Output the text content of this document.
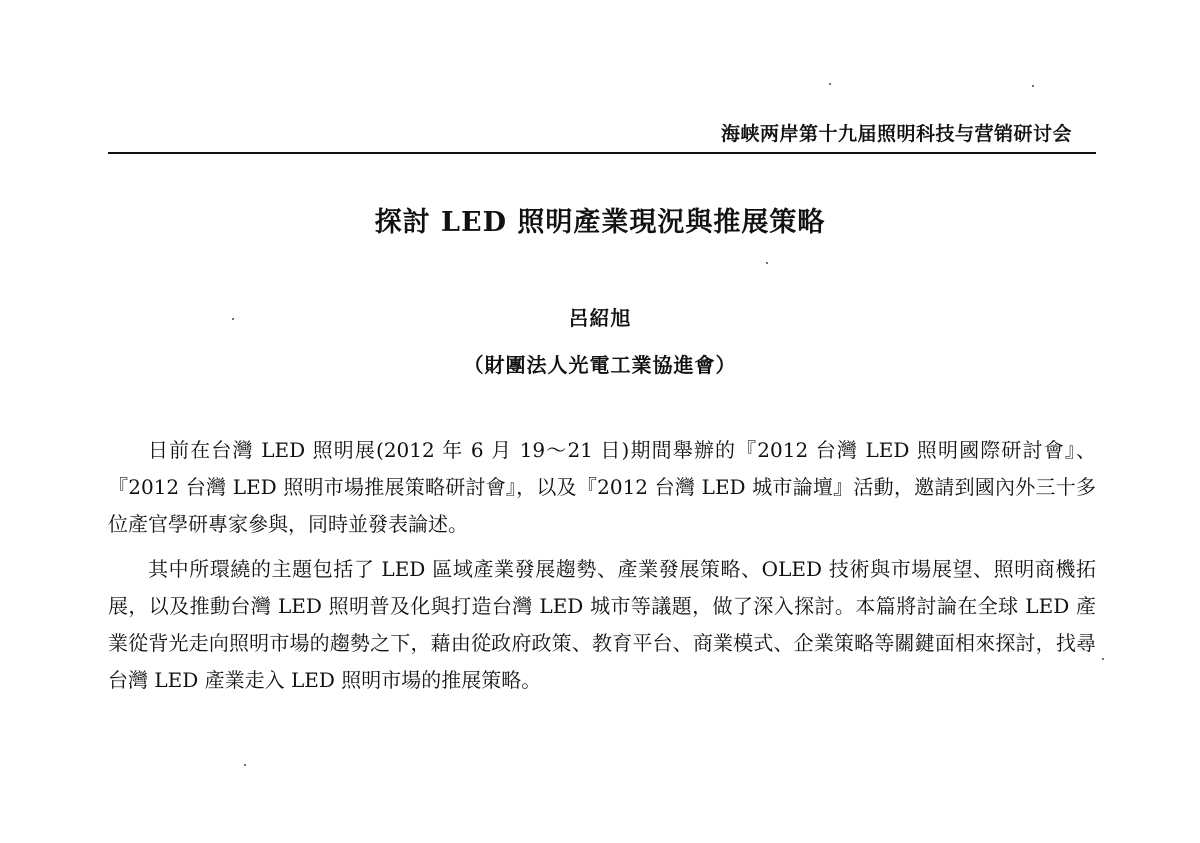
海峡两岸第十九届照明科技与营销研讨会
探討 LED 照明產業現況與推展策略
呂紹旭
（財團法人光電工業協進會）

日前在台灣 LED 照明展(2012 年 6 月 19～21 日)期間舉辦的『2012 台灣 LED 照明國際研討會』、『2012 台灣 LED 照明市場推展策略研討會』，以及『2012 台灣 LED 城市論壇』活動，邀請到國內外三十多位產官學研專家參與，同時並發表論述。

其中所環繞的主題包括了 LED 區域產業發展趨勢、產業發展策略、OLED 技術與市場展望、照明商機拓展，以及推動台灣 LED 照明普及化與打造台灣 LED 城市等議題，做了深入探討。本篇將討論在全球 LED 產業從背光走向照明市場的趨勢之下，藉由從政府政策、教育平台、商業模式、企業策略等關鍵面相來探討，找尋台灣 LED 產業走入 LED 照明市場的推展策略。
